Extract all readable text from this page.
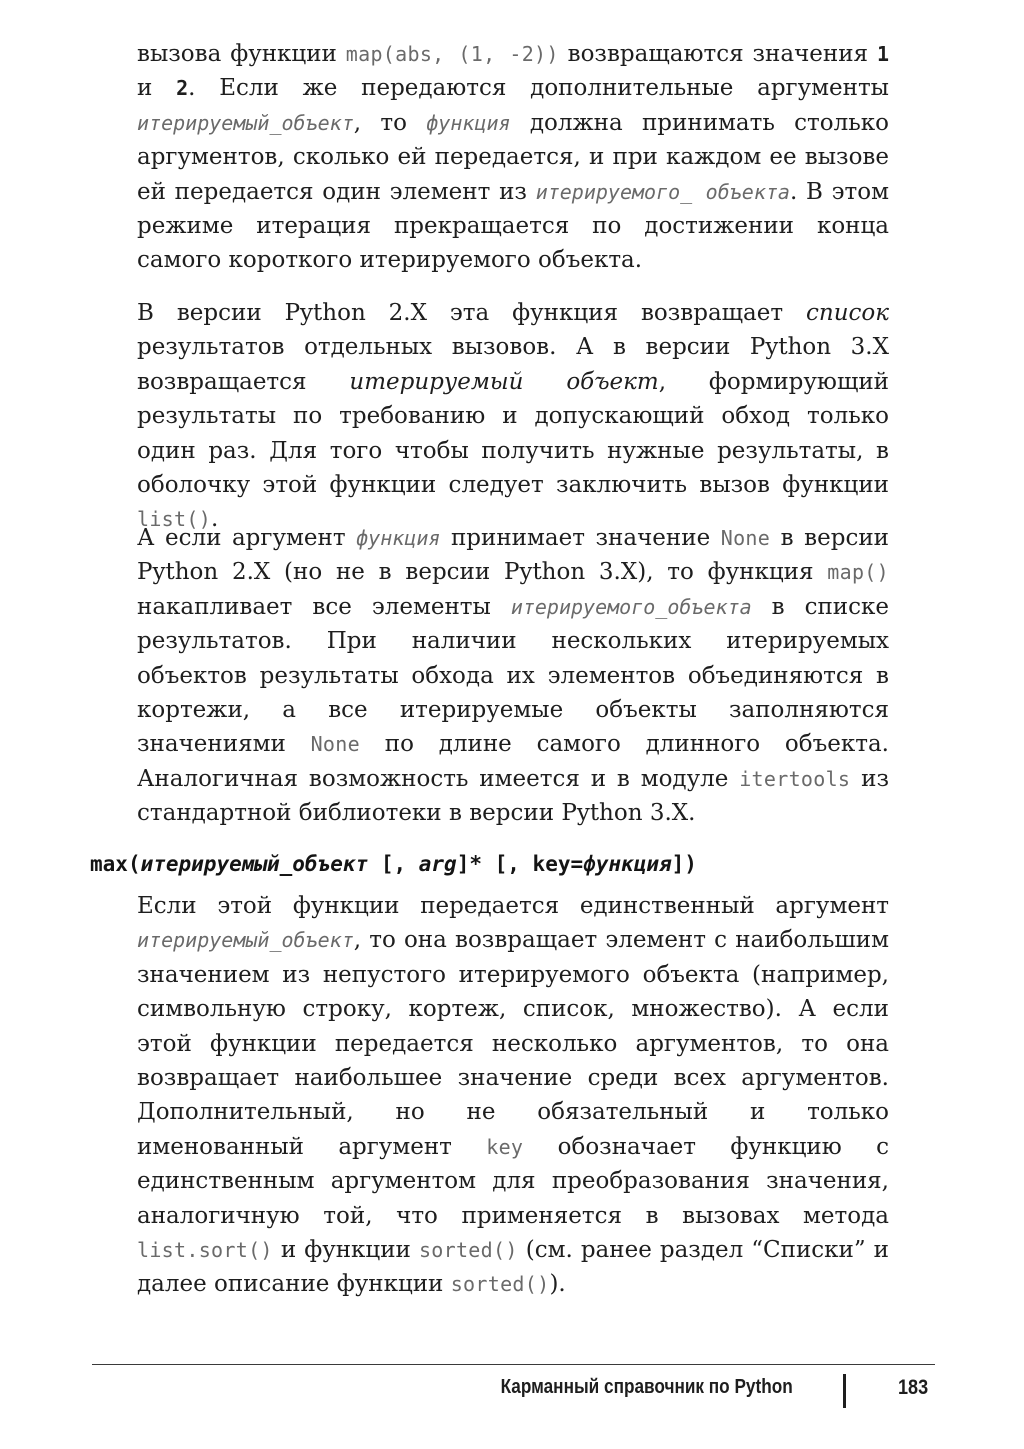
вызова функции map(abs, (1, -2)) возвращаются значения 1 и 2. Если же передаются дополнительные аргументы итерируемый_объект, то функция должна принимать столько аргументов, сколько ей передается, и при каждом ее вызове ей передается один элемент из итерируемого_ объекта. В этом режиме итерация прекращается по достижении конца самого короткого итерируемого объекта.

В версии Python 2.X эта функция возвращает список результатов отдельных вызовов. А в версии Python 3.X возвращается итерируемый объект, формирующий результаты по требованию и допускающий обход только один раз. Для того чтобы получить нужные результаты, в оболочку этой функции следует заключить вызов функции list().

А если аргумент функция принимает значение None в версии Python 2.X (но не в версии Python 3.X), то функция map() накапливает все элементы итерируемого_объекта в списке результатов. При наличии нескольких итерируемых объектов результаты обхода их элементов объединяются в кортежи, а все итерируемые объекты заполняются значениями None по длине самого длинного объекта. Аналогичная возможность имеется и в модуле itertools из стандартной библиотеки в версии Python 3.X.

max(итерируемый_объект [, arg]* [, key=функция])

Если этой функции передается единственный аргумент итерируемый_объект, то она возвращает элемент с наибольшим значением из непустого итерируемого объекта (например, символьную строку, кортеж, список, множество). А если этой функции передается несколько аргументов, то она возвращает наибольшее значение среди всех аргументов. Дополнительный, но не обязательный и только именованный аргумент key обозначает функцию с единственным аргументом для преобразования значения, аналогичную той, что применяется в вызовах метода list.sort() и функции sorted() (см. ранее раздел “Списки” и далее описание функции sorted()).

Карманный справочник по Python	183
